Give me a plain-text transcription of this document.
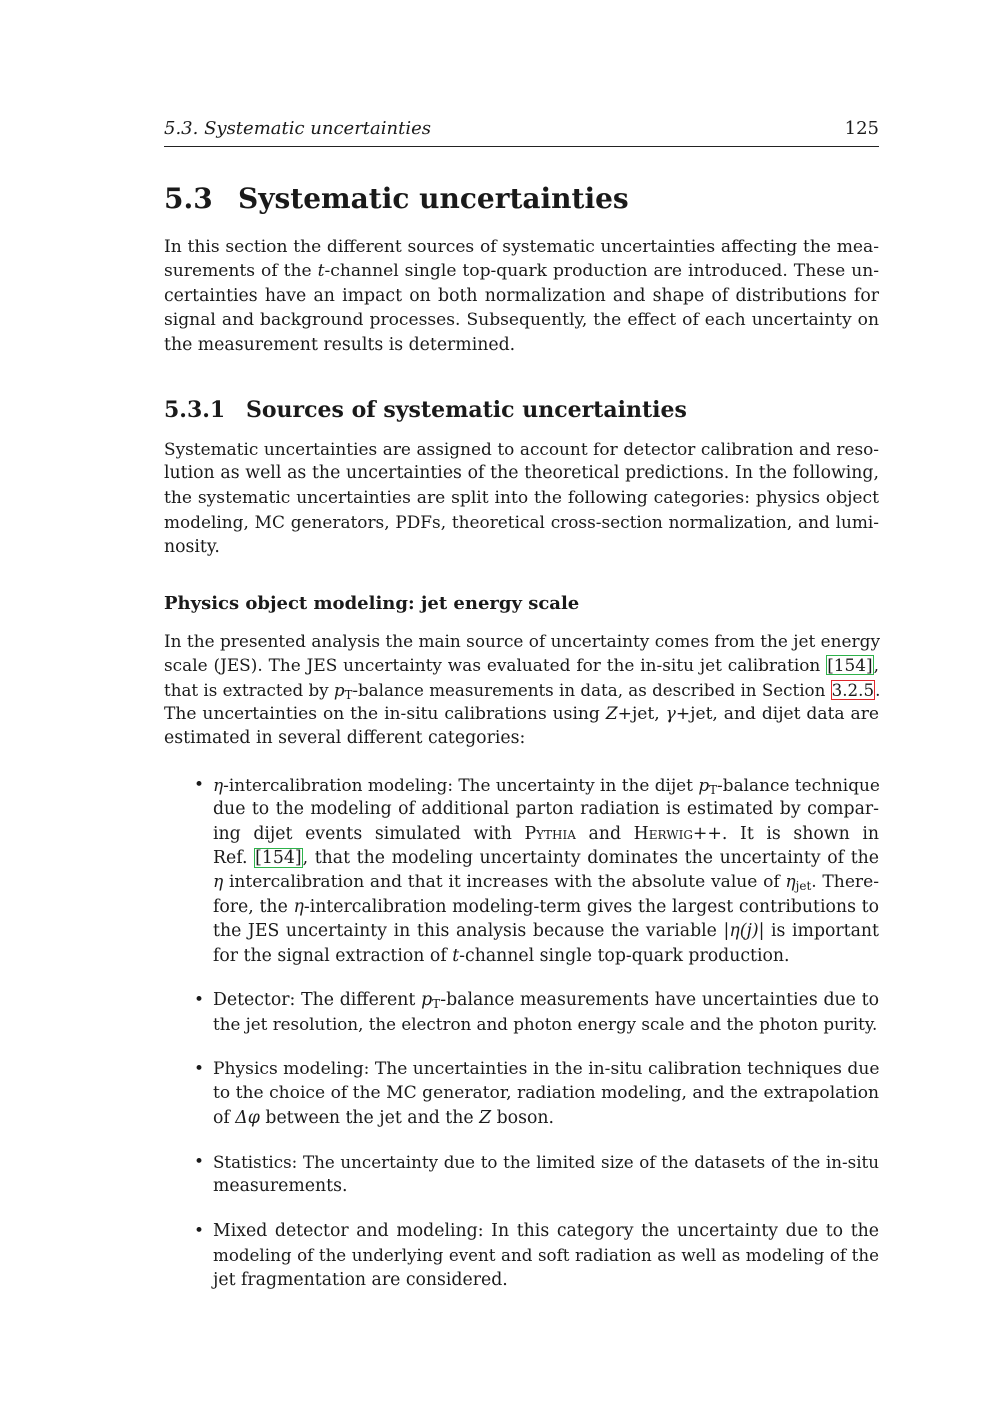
5.3. Systematic uncertainties	125
5.3 Systematic uncertainties
In this section the different sources of systematic uncertainties affecting the mea-
surements of the t-channel single top-quark production are introduced. These un-
certainties have an impact on both normalization and shape of distributions for
signal and background processes. Subsequently, the effect of each uncertainty on
the measurement results is determined.
5.3.1 Sources of systematic uncertainties
Systematic uncertainties are assigned to account for detector calibration and reso-
lution as well as the uncertainties of the theoretical predictions. In the following,
the systematic uncertainties are split into the following categories: physics object
modeling, MC generators, PDFs, theoretical cross-section normalization, and lumi-
nosity.
Physics object modeling: jet energy scale
In the presented analysis the main source of uncertainty comes from the jet energy
scale (JES). The JES uncertainty was evaluated for the in-situ jet calibration [154],
that is extracted by $p_T$-balance measurements in data, as described in Section 3.2.5.
The uncertainties on the in-situ calibrations using Z+jet, γ+jet, and dijet data are
estimated in several different categories:
• η-intercalibration modeling: The uncertainty in the dijet $p_T$-balance technique
due to the modeling of additional parton radiation is estimated by compar-
ing dijet events simulated with Pythia and Herwig++. It is shown in
Ref. [154], that the modeling uncertainty dominates the uncertainty of the
η intercalibration and that it increases with the absolute value of $\eta_{jet}$. There-
fore, the η-intercalibration modeling-term gives the largest contributions to
the JES uncertainty in this analysis because the variable |η(j)| is important
for the signal extraction of t-channel single top-quark production.
• Detector: The different $p_T$-balance measurements have uncertainties due to
the jet resolution, the electron and photon energy scale and the photon purity.
• Physics modeling: The uncertainties in the in-situ calibration techniques due
to the choice of the MC generator, radiation modeling, and the extrapolation
of Δφ between the jet and the Z boson.
• Statistics: The uncertainty due to the limited size of the datasets of the in-situ
measurements.
• Mixed detector and modeling: In this category the uncertainty due to the
modeling of the underlying event and soft radiation as well as modeling of the
jet fragmentation are considered.
